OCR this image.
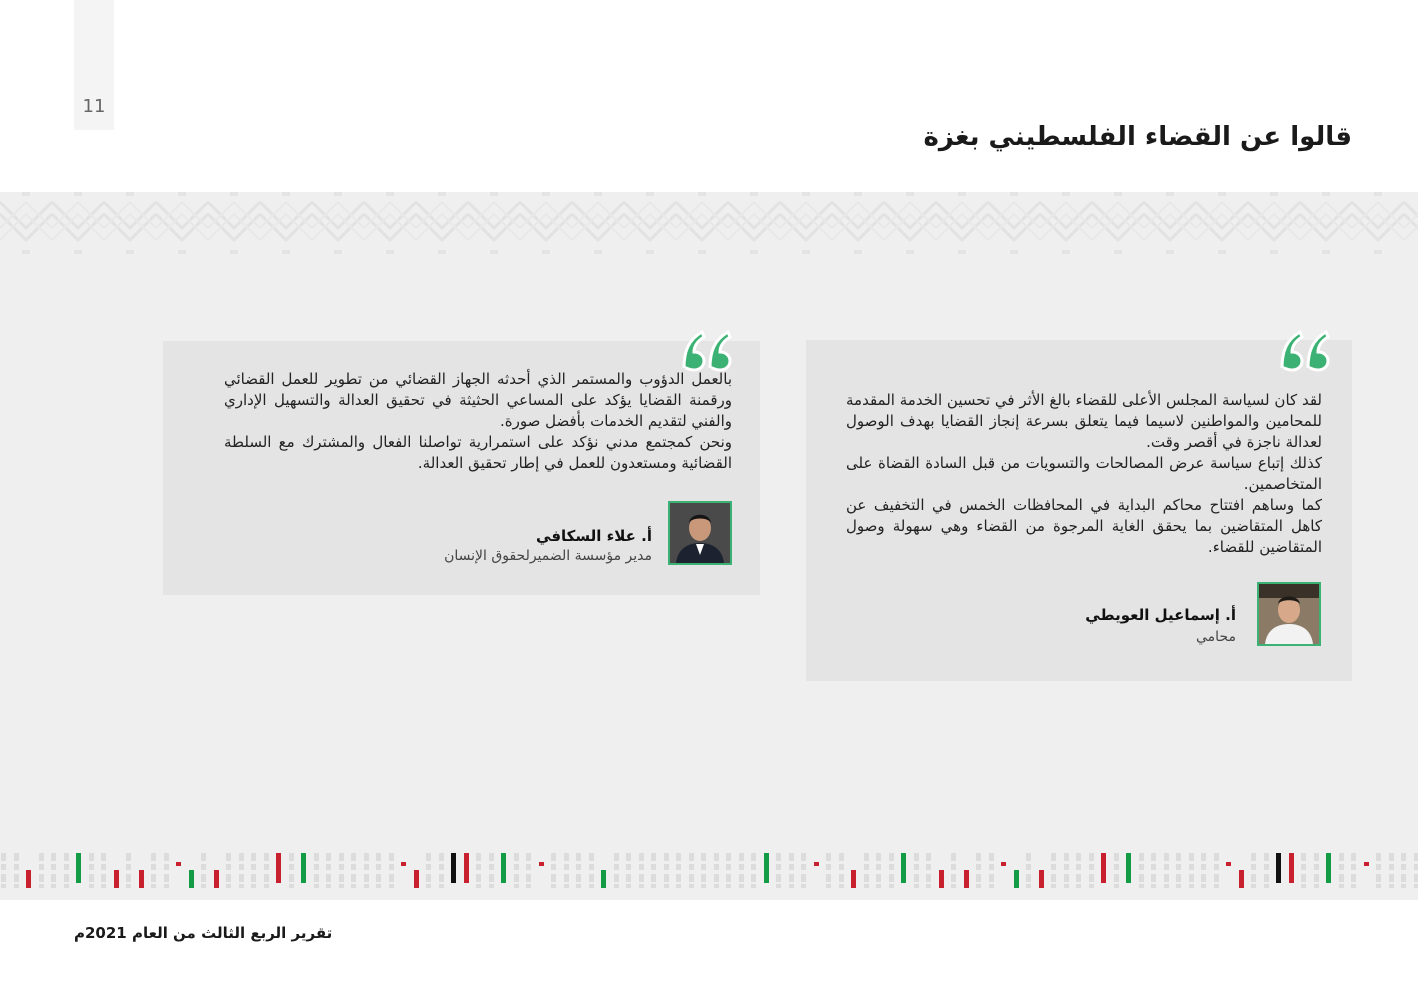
11
قالوا عن القضاء الفلسطيني بغزة

لقد كان لسياسة المجلس الأعلى للقضاء بالغ الأثر في تحسين الخدمة المقدمة للمحامين والمواطنين لاسيما فيما يتعلق بسرعة إنجاز القضايا بهدف الوصول لعدالة ناجزة في أقصر وقت.

كذلك إتباع سياسة عرض المصالحات والتسويات من قبل السادة القضاة على المتخاصمين.

كما وساهم افتتاح محاكم البداية في المحافظات الخمس في التخفيف عن كاهل المتقاضين بما يحقق الغاية المرجوة من القضاء وهي سهولة وصول المتقاضين للقضاء.

أ. إسماعيل العويطي
محامي

بالعمل الدؤوب والمستمر الذي أحدثه الجهاز القضائي من تطوير للعمل القضائي ورقمنة القضايا يؤكد على المساعي الحثيثة في تحقيق العدالة والتسهيل الإداري والفني لتقديم الخدمات بأفضل صورة.

ونحن كمجتمع مدني نؤكد على استمرارية تواصلنا الفعال والمشترك مع السلطة القضائية ومستعدون للعمل في إطار تحقيق العدالة.

أ. علاء السكافي
مدير مؤسسة الضميرلحقوق الإنسان
تقرير الربع الثالث من العام 2021م
